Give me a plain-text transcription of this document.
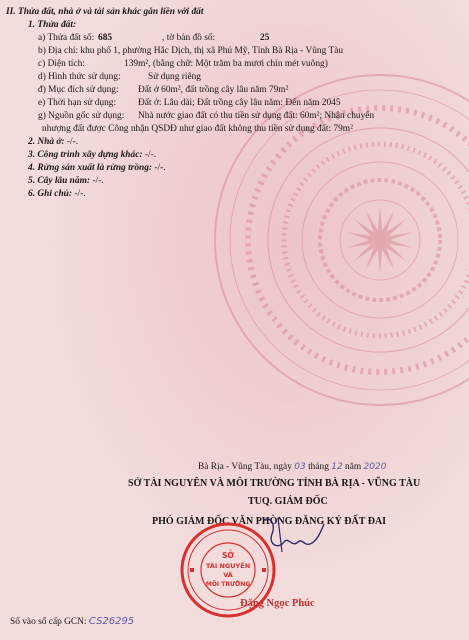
II. Thửa đất, nhà ở và tài sản khác gắn liền với đất
1. Thửa đất:
a) Thửa đất số: 685	, tờ bản đồ số:	25
b) Địa chỉ: khu phố 1, phường Hắc Dịch, thị xã Phú Mỹ, Tỉnh Bà Rịa - Vũng Tàu
c) Diện tích:	139m², (bằng chữ: Một trăm ba mươi chín mét vuông)
d) Hình thức sử dụng:	Sử dụng riêng
đ) Mục đích sử dụng: Đất ở 60m², đất trồng cây lâu năm 79m²
e) Thời hạn sử dụng: Đất ở: Lâu dài; Đất trồng cây lâu năm: Đến năm 2045
g) Nguồn gốc sử dụng: Nhà nước giao đất có thu tiền sử dụng đất: 60m²; Nhận chuyển
nhượng đất được Công nhận QSDĐ như giao đất không thu tiền sử dụng đất: 79m²
2. Nhà ở: -/-.
3. Công trình xây dựng khác: -/-.
4. Rừng sản xuất là rừng trồng: -/-.
5. Cây lâu năm: -/-.
6. Ghi chú: -/-.
Bà Rịa - Vũng Tàu, ngày 03 tháng 12 năm 2020
SỞ TÀI NGUYÊN VÀ MÔI TRƯỜNG TỈNH BÀ RỊA - VŨNG TÀU
TUQ. GIÁM ĐỐC
PHÓ GIÁM ĐỐC VĂN PHÒNG ĐĂNG KÝ ĐẤT ĐAI
SỞ
TÀI NGUYÊN
VÀ
MÔI TRƯỜNG
Đặng Ngọc Phúc
Số vào sổ cấp GCN: CS26295
